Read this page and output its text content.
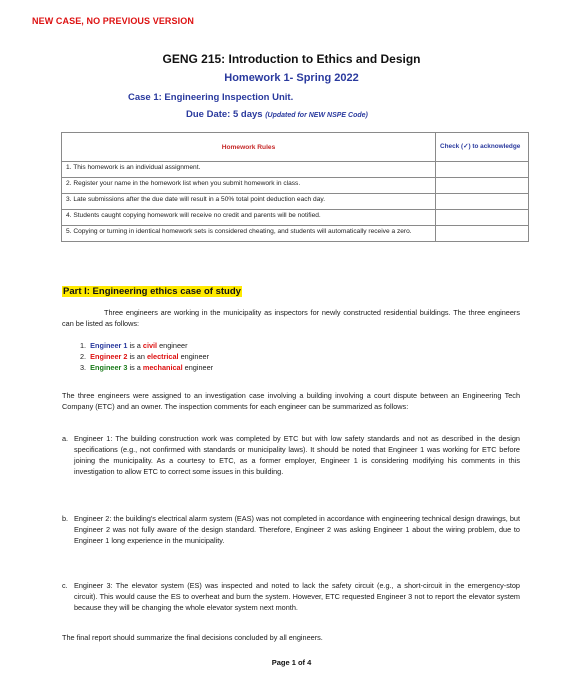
NEW CASE, NO PREVIOUS VERSION
GENG 215: Introduction to Ethics and Design
Homework 1- Spring 2022
Case 1: Engineering Inspection Unit.
Due Date: 5 days (Updated for NEW NSPE Code)
Homework Rules	Check (✓) to acknowledge
1. This homework is an individual assignment.	
2. Register your name in the homework list when you submit homework in class.	
3. Late submissions after the due date will result in a 50% total point deduction each day.	
4. Students caught copying homework will receive no credit and parents will be notified.	
5. Copying or turning in identical homework sets is considered cheating, and students will automatically receive a zero.	
Part I: Engineering ethics case of study
Three engineers are working in the municipality as inspectors for newly constructed residential buildings. The three engineers can be listed as follows:
1. Engineer 1 is a civil engineer
2. Engineer 2 is an electrical engineer
3. Engineer 3 is a mechanical engineer
The three engineers were assigned to an investigation case involving a building involving a court dispute between an Engineering Tech Company (ETC) and an owner. The inspection comments for each engineer can be summarized as follows:
a. Engineer 1: The building construction work was completed by ETC but with low safety standards and not as described in the design specifications (e.g., not confirmed with standards or municipality laws). It should be noted that Engineer 1 was working for ETC before joining the municipality. As a courtesy to ETC, as a former employer, Engineer 1 is considering modifying his comments in this investigation to allow ETC to correct some issues in this building.
b. Engineer 2: the building's electrical alarm system (EAS) was not completed in accordance with engineering technical design drawings, but Engineer 2 was not fully aware of the design standard. Therefore, Engineer 2 was asking Engineer 1 about the wiring problem, due to Engineer 1 long experience in the municipality.
c. Engineer 3: The elevator system (ES) was inspected and noted to lack the safety circuit (e.g., a short-circuit in the emergency-stop circuit). This would cause the ES to overheat and burn the system. However, ETC requested Engineer 3 not to report the elevator system because they will be changing the whole elevator system next month.
The final report should summarize the final decisions concluded by all engineers.
Page 1 of 4
